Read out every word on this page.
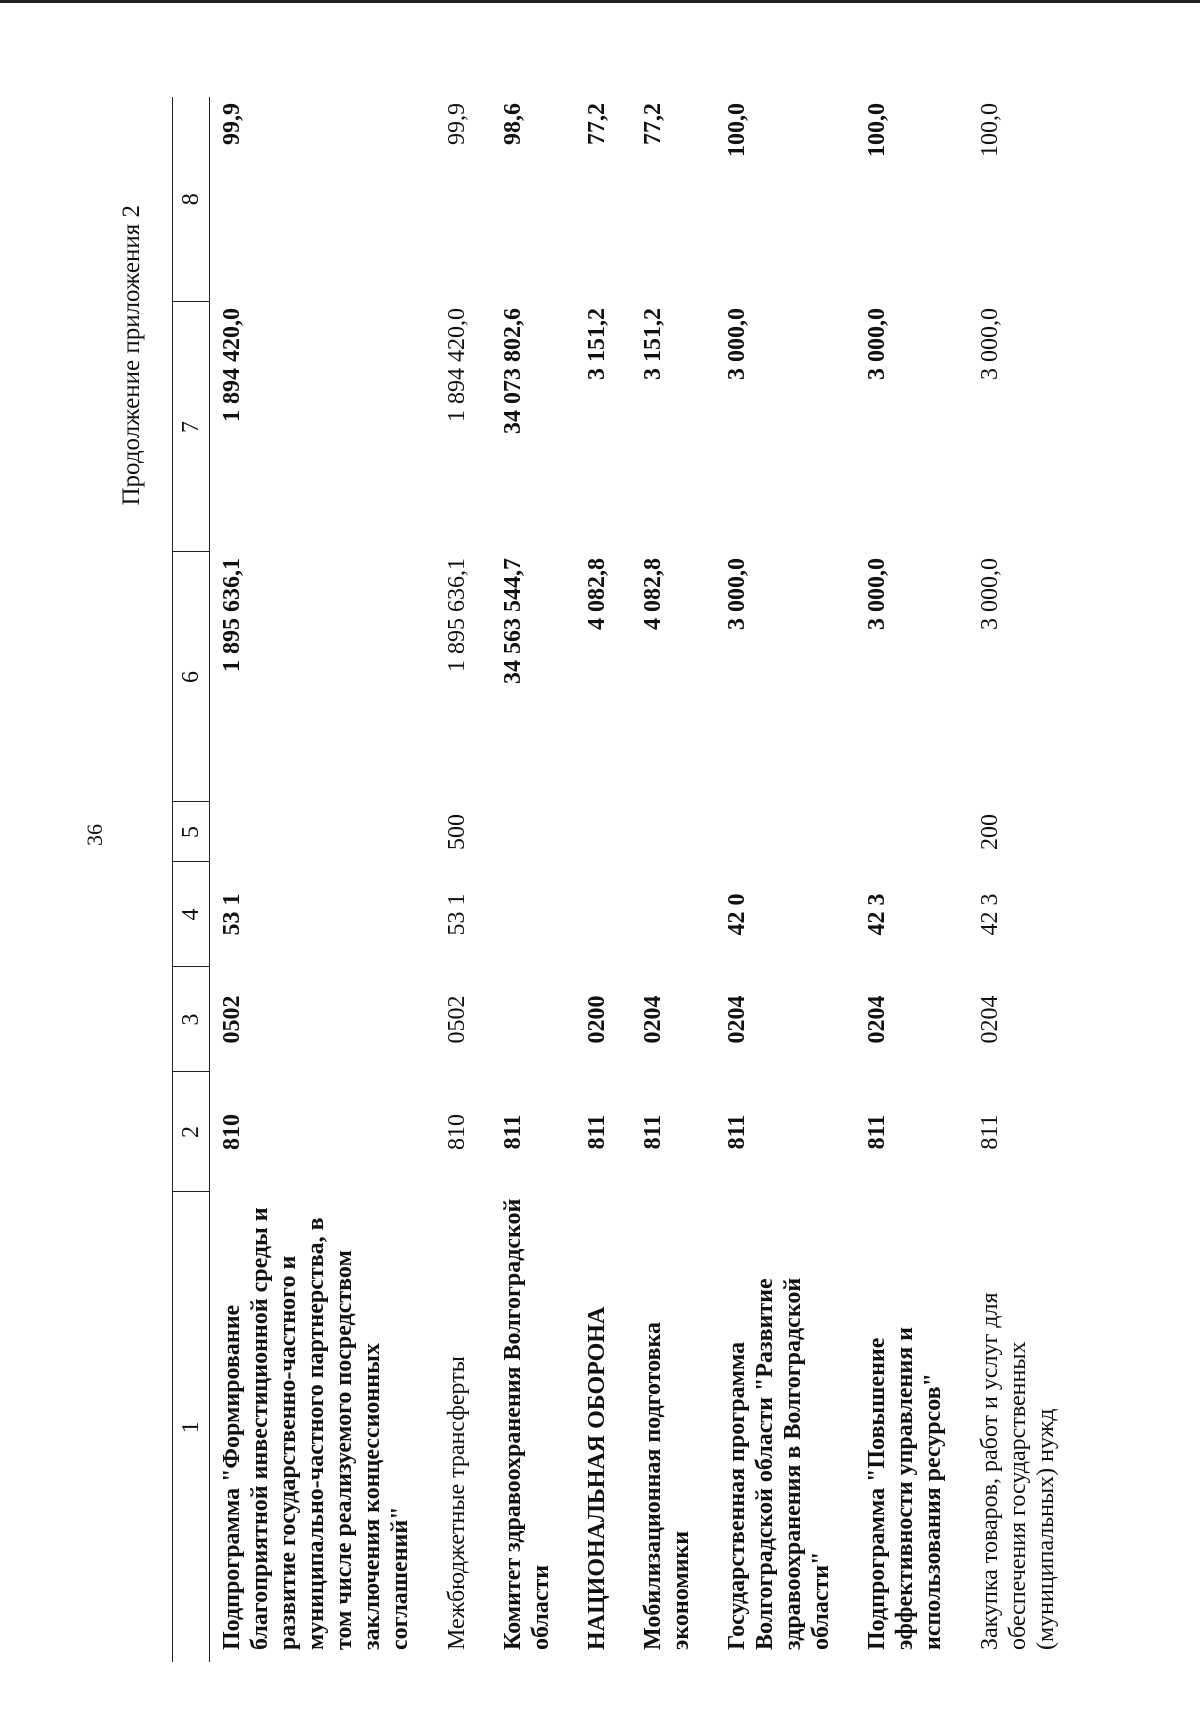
36
Продолжение приложения 2
1	2	3	4	5	6	7	8
Подпрограмма "Формирование благоприятной инвестиционной среды и развитие государственно-частного и муниципально-частного партнерства, в том числе реализуемого посредством заключения концессионных соглашений"	810	0502	53 1		1 895 636,1	1 894 420,0	99,9
Межбюджетные трансферты	810	0502	53 1	500	1 895 636,1	1 894 420,0	99,9
Комитет здравоохранения Волгоградской области	811				34 563 544,7	34 073 802,6	98,6
НАЦИОНАЛЬНАЯ ОБОРОНА	811	0200			4 082,8	3 151,2	77,2
Мобилизационная подготовка экономики	811	0204			4 082,8	3 151,2	77,2
Государственная программа Волгоградской области "Развитие здравоохранения в Волгоградской области"	811	0204	42 0		3 000,0	3 000,0	100,0
Подпрограмма "Повышение эффективности управления и использования ресурсов"	811	0204	42 3		3 000,0	3 000,0	100,0
Закупка товаров, работ и услуг для обеспечения государственных (муниципальных) нужд	811	0204	42 3	200	3 000,0	3 000,0	100,0
